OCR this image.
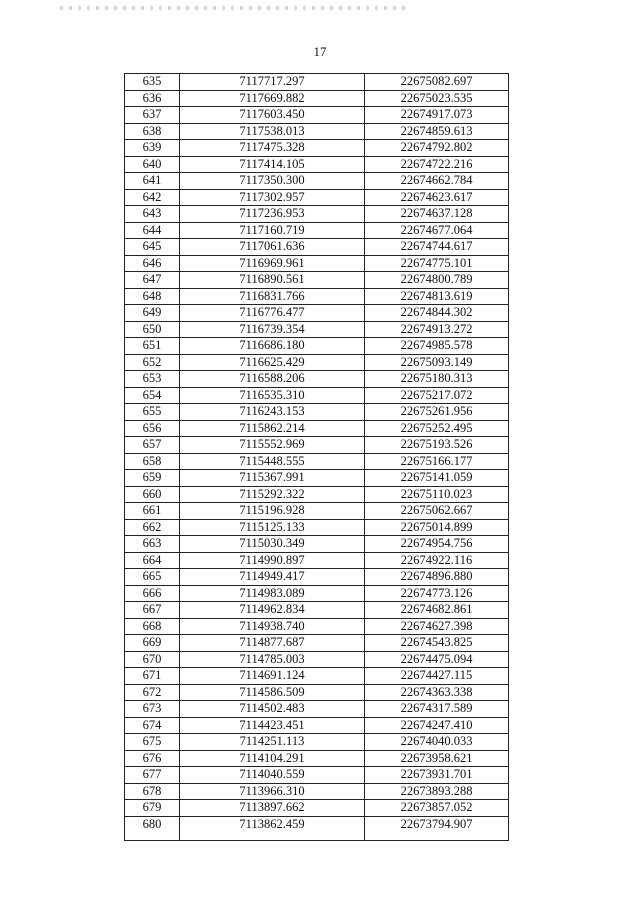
17
635	7117717.297	22675082.697
636	7117669.882	22675023.535
637	7117603.450	22674917.073
638	7117538.013	22674859.613
639	7117475.328	22674792.802
640	7117414.105	22674722.216
641	7117350.300	22674662.784
642	7117302.957	22674623.617
643	7117236.953	22674637.128
644	7117160.719	22674677.064
645	7117061.636	22674744.617
646	7116969.961	22674775.101
647	7116890.561	22674800.789
648	7116831.766	22674813.619
649	7116776.477	22674844.302
650	7116739.354	22674913.272
651	7116686.180	22674985.578
652	7116625.429	22675093.149
653	7116588.206	22675180.313
654	7116535.310	22675217.072
655	7116243.153	22675261.956
656	7115862.214	22675252.495
657	7115552.969	22675193.526
658	7115448.555	22675166.177
659	7115367.991	22675141.059
660	7115292.322	22675110.023
661	7115196.928	22675062.667
662	7115125.133	22675014.899
663	7115030.349	22674954.756
664	7114990.897	22674922.116
665	7114949.417	22674896.880
666	7114983.089	22674773.126
667	7114962.834	22674682.861
668	7114938.740	22674627.398
669	7114877.687	22674543.825
670	7114785.003	22674475.094
671	7114691.124	22674427.115
672	7114586.509	22674363.338
673	7114502.483	22674317.589
674	7114423.451	22674247.410
675	7114251.113	22674040.033
676	7114104.291	22673958.621
677	7114040.559	22673931.701
678	7113966.310	22673893.288
679	7113897.662	22673857.052
680	7113862.459	22673794.907
